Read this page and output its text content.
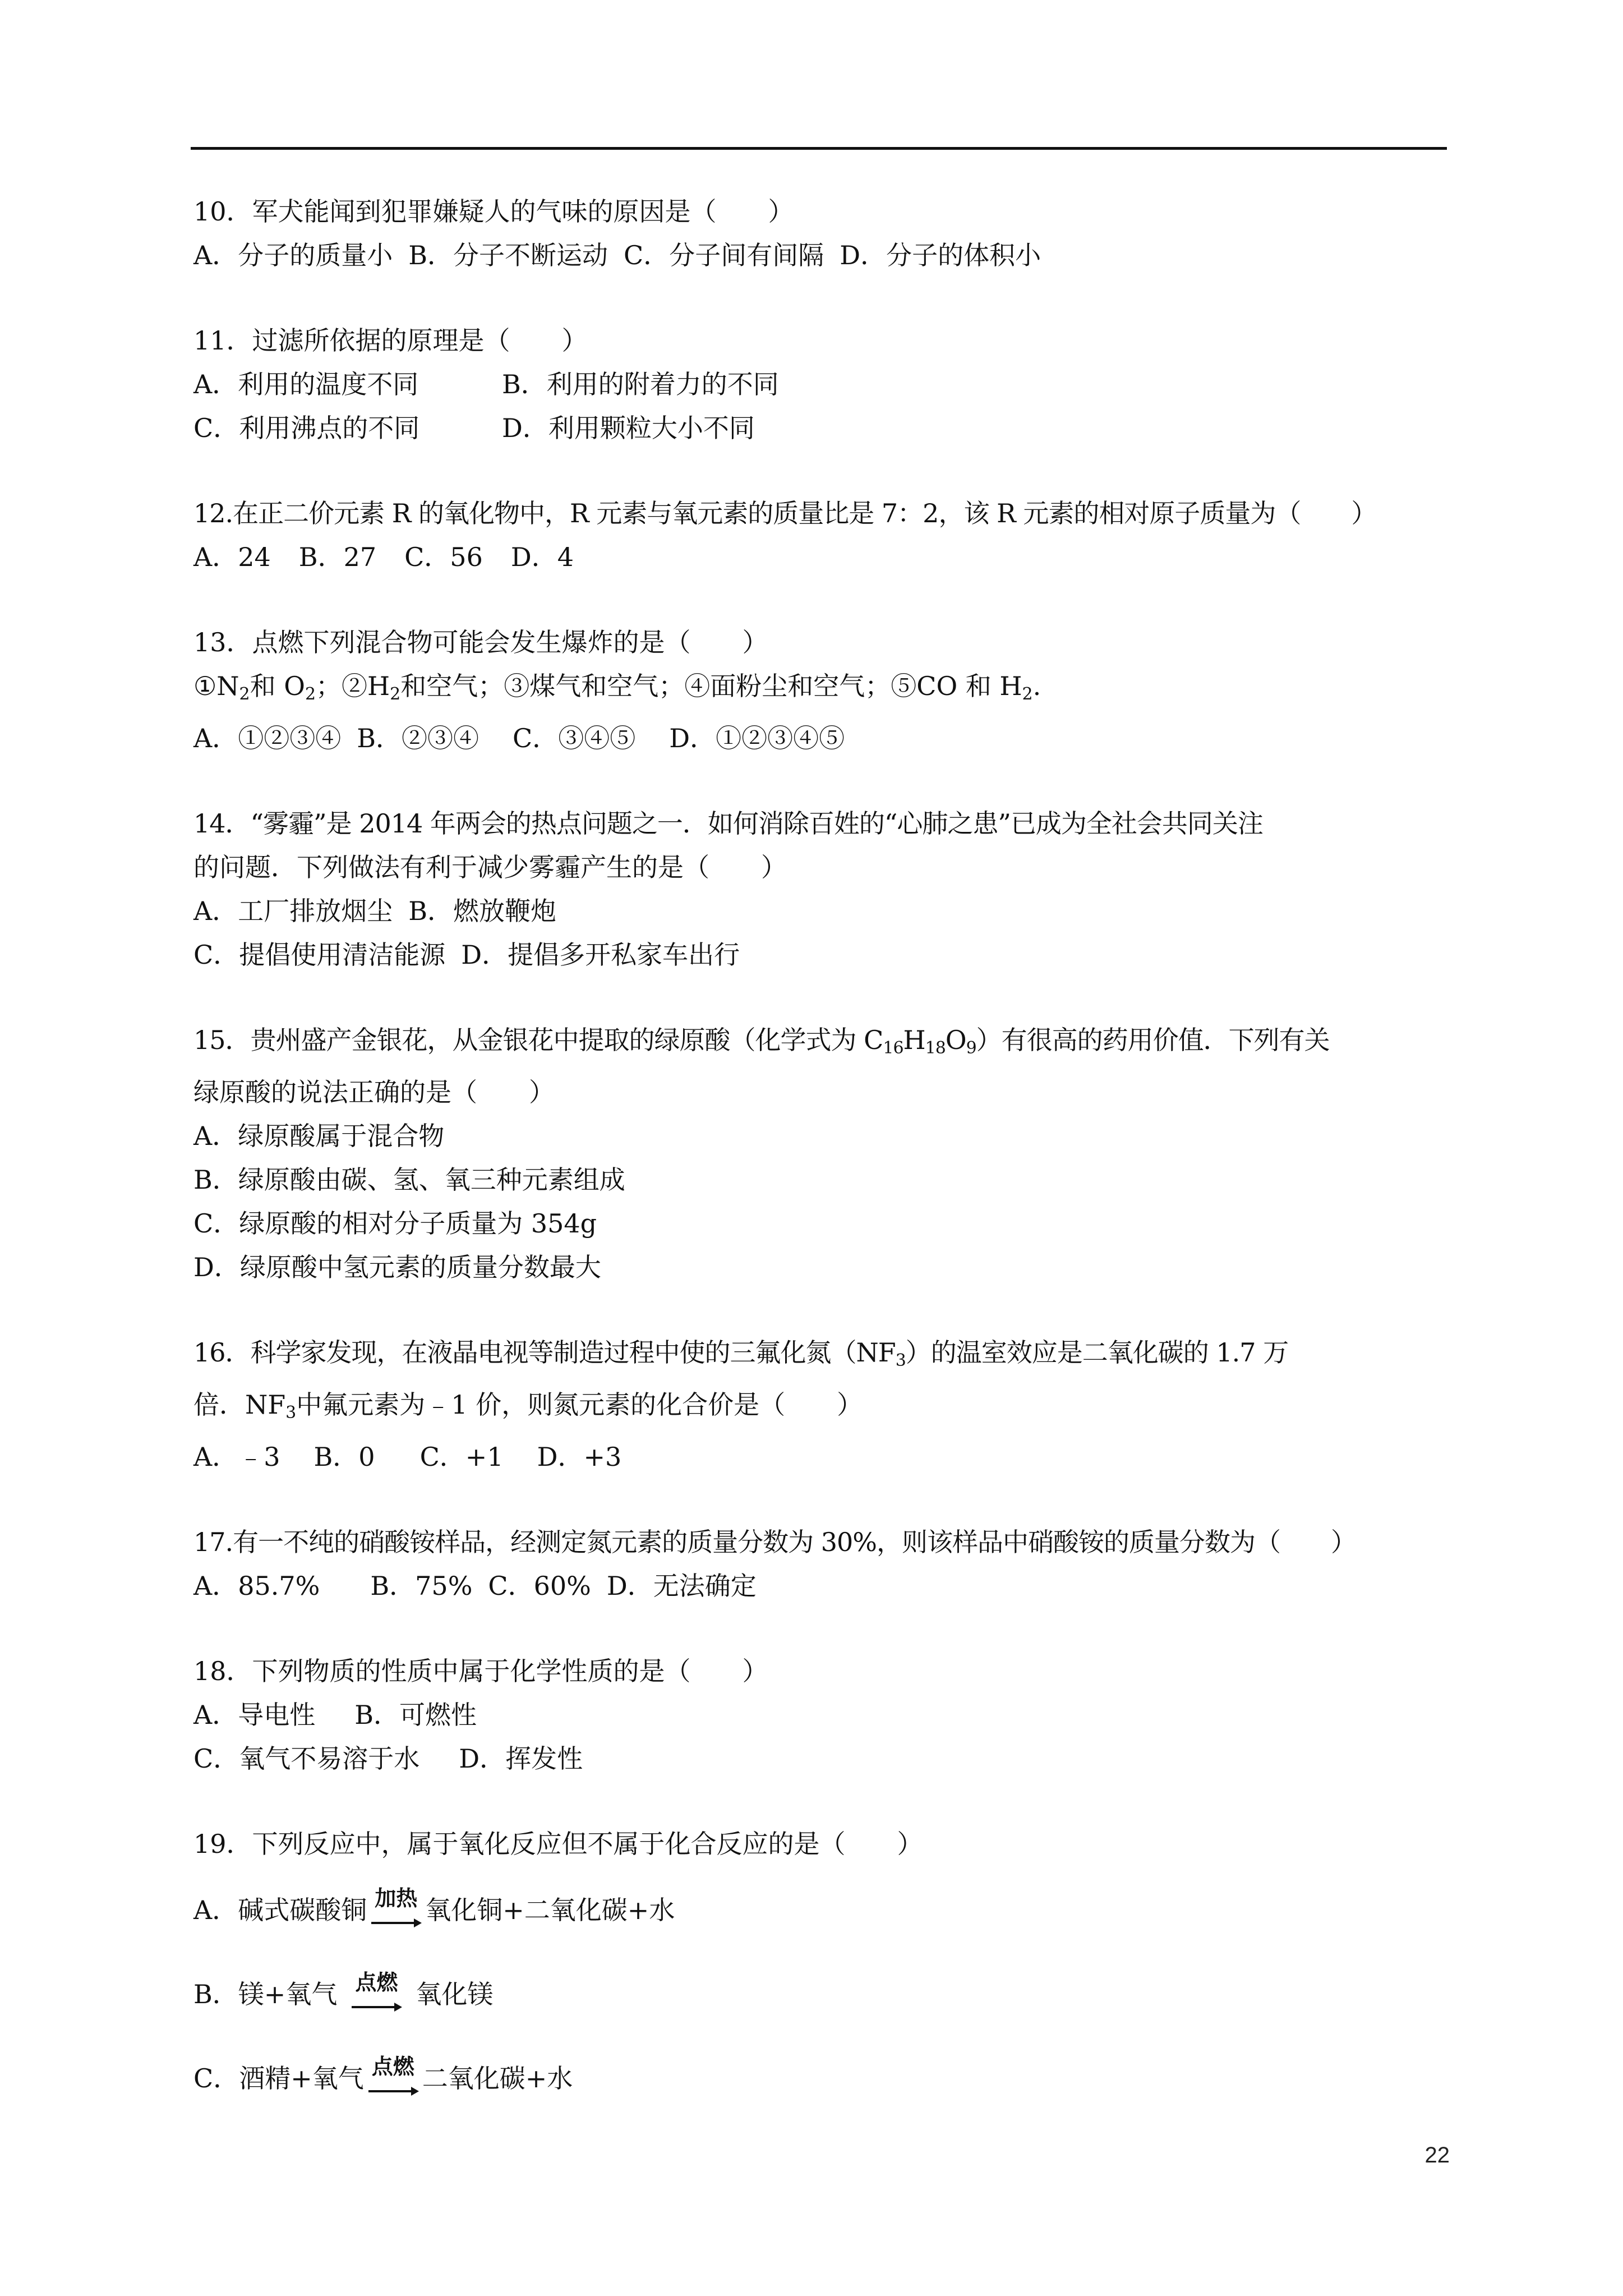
10．军犬能闻到犯罪嫌疑人的气味的原因是（　　）
A．分子的质量小 B．分子不断运动 C．分子间有间隔 D．分子的体积小
11．过滤所依据的原理是（　　）
A．利用的温度不同	B．利用的附着力的不同
C．利用沸点的不同	D．利用颗粒大小不同
12.在正二价元素 R 的氧化物中，R 元素与氧元素的质量比是 7：2，该 R 元素的相对原子质量为（　　）
A．24 B．27 C．56 D．4
13．点燃下列混合物可能会发生爆炸的是（　　）
$①N_2$和 $O_2$；$②H_2$和空气；③煤气和空气；④面粉尘和空气；⑤CO 和 $H_2$.
A．①②③④ B．②③④ C．③④⑤ D．①②③④⑤
14．“雾霾”是 2014 年两会的热点问题之一．如何消除百姓的“心肺之患”已成为全社会共同关注
的问题．下列做法有利于减少雾霾产生的是（　　）
A．工厂排放烟尘 B．燃放鞭炮
C．提倡使用清洁能源 D．提倡多开私家车出行
15．贵州盛产金银花，从金银花中提取的绿原酸（化学式为 $C_{16}H_{18}O_9$）有很高的药用价值．下列有关
绿原酸的说法正确的是（　　）
A．绿原酸属于混合物
B．绿原酸由碳、氢、氧三种元素组成
C．绿原酸的相对分子质量为 354g
D．绿原酸中氢元素的质量分数最大
16．科学家发现，在液晶电视等制造过程中使的三氟化氮$(NF_3)$的温室效应是二氧化碳的 1.7 万
倍．$NF_3$中氟元素为﹣1 价，则氮元素的化合价是（　　）
A．﹣3 B．0 C．+1 D．+3
17.有一不纯的硝酸铵样品，经测定氮元素的质量分数为 30%，则该样品中硝酸铵的质量分数为（　　）
A．85.7% B．75% C．60% D．无法确定
18．下列物质的性质中属于化学性质的是（　　）
A．导电性 B．可燃性
C．氧气不易溶于水 D．挥发性
19．下列反应中，属于氧化反应但不属于化合反应的是（　　）
A．碱式碳酸铜 加热 氧化铜+二氧化碳+水
B．镁+氧气 点燃 氧化镁
C．酒精+氧气 点燃 二氧化碳+水
22
